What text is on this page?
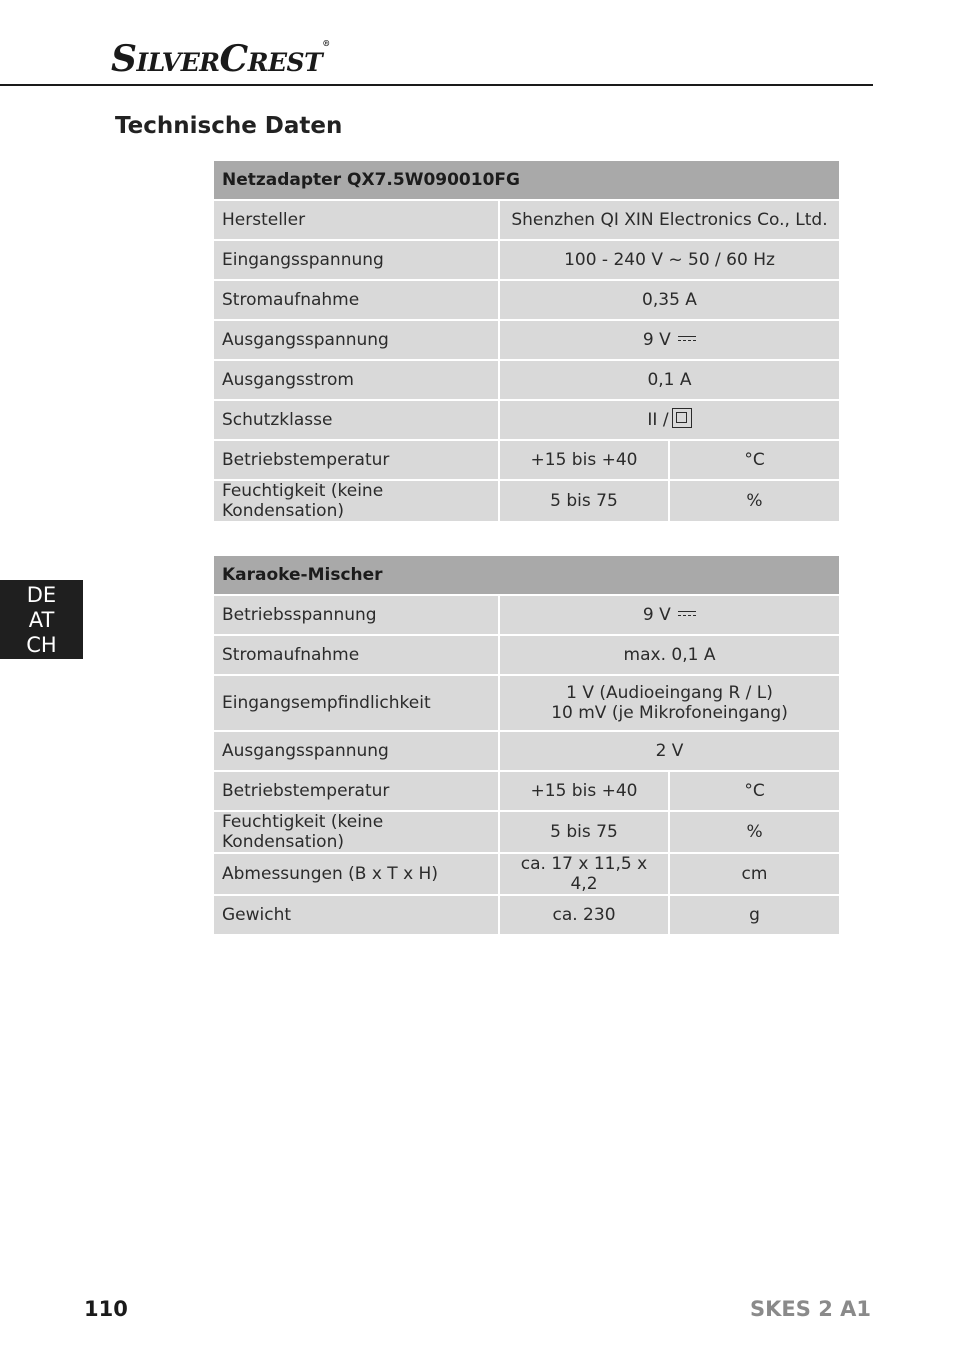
SILVERCREST®
Technische Daten
Netzadapter QX7.5W090010FG		
Hersteller	Shenzhen QI XIN Electronics Co., Ltd.	
Eingangsspannung	100 - 240 V ~ 50 / 60 Hz	
Stromaufnahme	0,35 A	
Ausgangsspannung	9 V	
Ausgangsstrom	0,1 A	
Schutzklasse	II /	
Betriebstemperatur	+15 bis +40	°C
Feuchtigkeit (keine Kondensation)	5 bis 75	%
Karaoke-Mischer		
Betriebsspannung	9 V	
Stromaufnahme	max. 0,1 A	
Eingangsempfindlichkeit	1 V (Audioeingang R / L)
10 mV (je Mikrofoneingang)	

Ausgangsspannung	2 V	
Betriebstemperatur	+15 bis +40	°C
Feuchtigkeit (keine Kondensation)	5 bis 75	%
Abmessungen (B x T x H)	ca. 17 x 11,5 x 4,2	cm
Gewicht	ca. 230	g
DE
AT
CH
110	SKES 2 A1
